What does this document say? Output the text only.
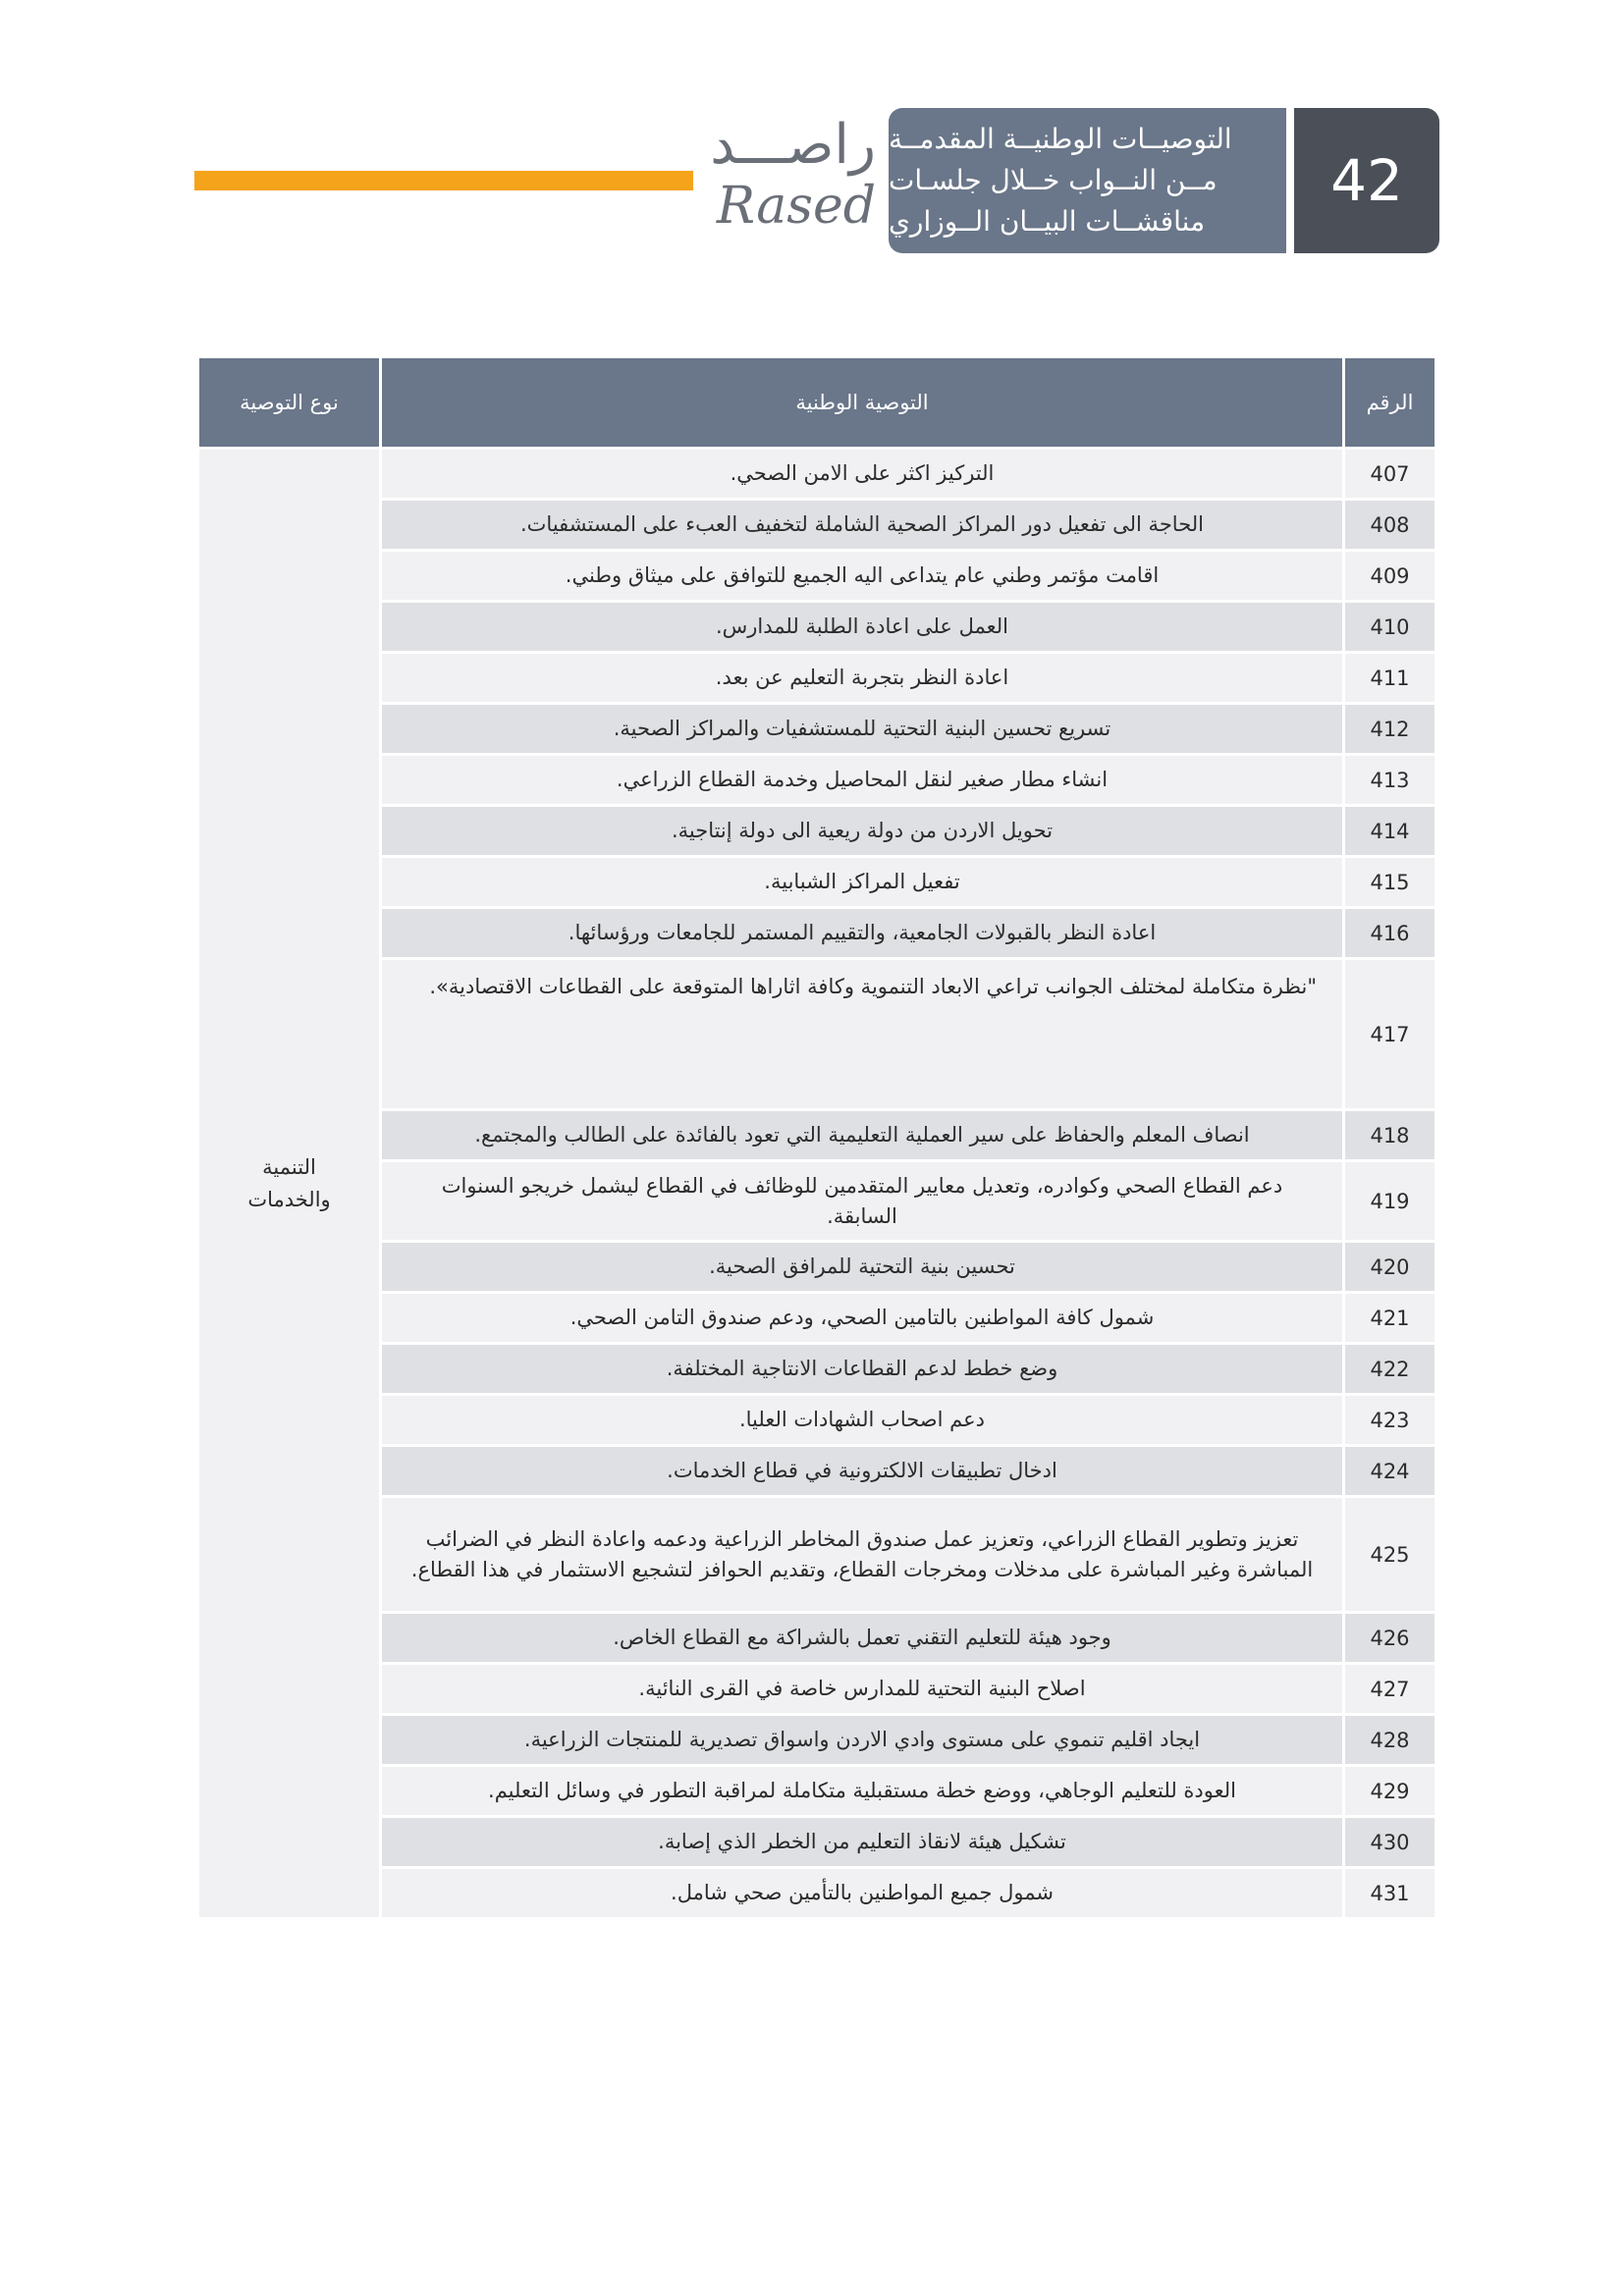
42
التوصيــات الوطنيــة المقدمــة
مــن النــواب خــلال جلسـات
مناقشــات البيــان الــوزاري
راصـــد
Rased
الرقم	التوصية الوطنية	نوع التوصية
407	التركيز اكثر على الامن الصحي.	التنمية
والخدمات

408	الحاجة الى تفعيل دور المراكز الصحية الشاملة لتخفيف العبء على المستشفيات.	
409	اقامت مؤتمر وطني عام يتداعى اليه الجميع للتوافق على ميثاق وطني.	
410	العمل على اعادة الطلبة للمدارس.	
411	اعادة النظر بتجربة التعليم عن بعد.	
412	تسريع تحسين البنية التحتية للمستشفيات والمراكز الصحية.	
413	انشاء مطار صغير لنقل المحاصيل وخدمة القطاع الزراعي.	
414	تحويل الاردن من دولة ريعية الى دولة إنتاجية.	
415	تفعيل المراكز الشبابية.	
416	اعادة النظر بالقبولات الجامعية، والتقييم المستمر للجامعات ورؤسائها.	
417	"نظرة متكاملة لمختلف الجوانب تراعي الابعاد التنموية وكافة اثاراها المتوقعة على القطاعات الاقتصادية».	
418	انصاف المعلم والحفاظ على سير العملية التعليمية التي تعود بالفائدة على الطالب والمجتمع.	
419	دعم القطاع الصحي وكوادره، وتعديل معايير المتقدمين للوظائف في القطاع ليشمل خريجو السنوات السابقة.	
420	تحسين بنية التحتية للمرافق الصحية.	
421	شمول كافة المواطنين بالتامين الصحي، ودعم صندوق التامن الصحي.	
422	وضع خطط لدعم القطاعات الانتاجية المختلفة.	
423	دعم اصحاب الشهادات العليا.	
424	ادخال تطبيقات الالكترونية في قطاع الخدمات.	
425	تعزيز وتطوير القطاع الزراعي، وتعزيز عمل صندوق المخاطر الزراعية ودعمه واعادة النظر في الضرائب المباشرة وغير المباشرة على مدخلات ومخرجات القطاع، وتقديم الحوافز لتشجيع الاستثمار في هذا القطاع.	
426	وجود هيئة للتعليم التقني تعمل بالشراكة مع القطاع الخاص.	
427	اصلاح البنية التحتية للمدارس خاصة في القرى النائية.	
428	ايجاد اقليم تنموي على مستوى وادي الاردن واسواق تصديرية للمنتجات الزراعية.	
429	العودة للتعليم الوجاهي، ووضع خطة مستقبلية متكاملة لمراقبة التطور في وسائل التعليم.	
430	تشكيل هيئة لانقاذ التعليم من الخطر الذي إصابة.	
431	شمول جميع المواطنين بالتأمين صحي شامل.	
